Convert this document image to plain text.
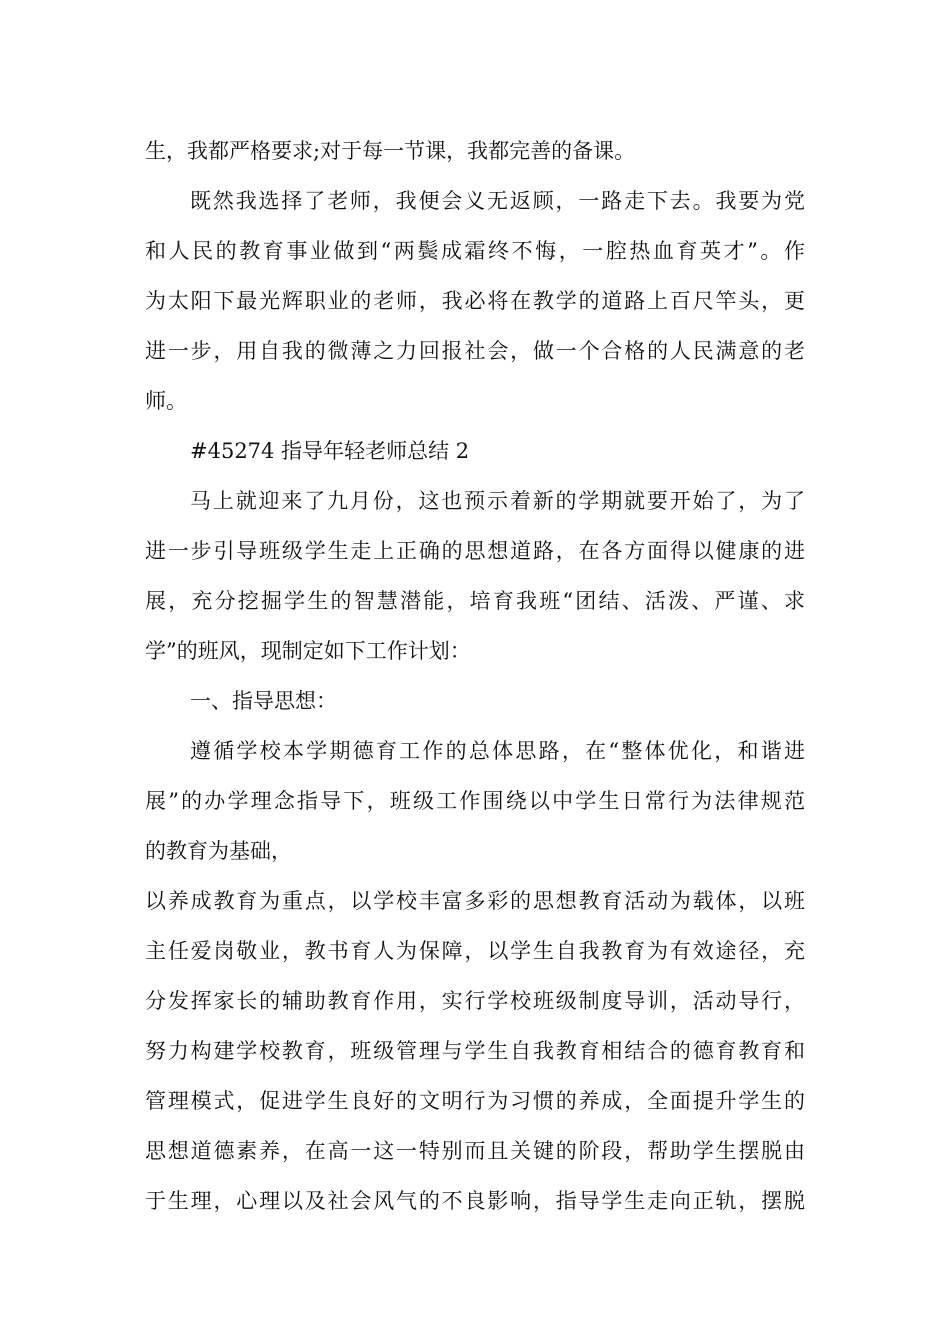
生，我都严格要求;对于每一节课，我都完善的备课。
既然我选择了老师，我便会义无返顾，一路走下去。我要为党
和人民的教育事业做到“两鬓成霜终不悔，一腔热血育英才”。作
为太阳下最光辉职业的老师，我必将在教学的道路上百尺竿头，更
进一步，用自我的微薄之力回报社会，做一个合格的人民满意的老
师。
#45274 指导年轻老师总结 2
马上就迎来了九月份，这也预示着新的学期就要开始了，为了
进一步引导班级学生走上正确的思想道路，在各方面得以健康的进
展，充分挖掘学生的智慧潜能，培育我班“团结、活泼、严谨、求
学”的班风，现制定如下工作计划：
一、指导思想：
遵循学校本学期德育工作的总体思路，在“整体优化，和谐进
展”的办学理念指导下，班级工作围绕以中学生日常行为法律规范
的教育为基础，
以养成教育为重点，以学校丰富多彩的思想教育活动为载体，以班
主任爱岗敬业，教书育人为保障，以学生自我教育为有效途径，充
分发挥家长的辅助教育作用，实行学校班级制度导训，活动导行，
努力构建学校教育，班级管理与学生自我教育相结合的德育教育和
管理模式，促进学生良好的文明行为习惯的养成，全面提升学生的
思想道德素养，在高一这一特别而且关键的阶段，帮助学生摆脱由
于生理，心理以及社会风气的不良影响，指导学生走向正轨，摆脱
